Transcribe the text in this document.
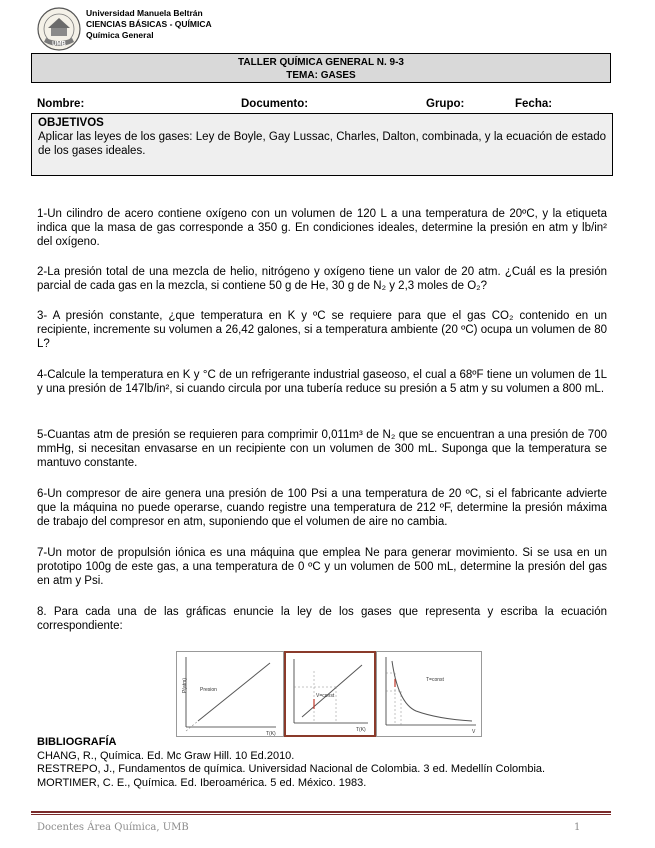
UMB
Universidad Manuela Beltrán
CIENCIAS BÁSICAS - QUÍMICA
Química General
TALLER QUÍMICA GENERAL N. 9-3
TEMA: GASES
Nombre:	Documento:	Grupo:	Fecha:
OBJETIVOS
Aplicar las leyes de los gases: Ley de Boyle, Gay Lussac, Charles, Dalton, combinada, y la ecuación de estado de los gases ideales.
1-Un cilindro de acero contiene oxígeno con un volumen de 120 L a una temperatura de 20ºC, y la etiqueta indica que la masa de gas corresponde a 350 g. En condiciones ideales, determine la presión en atm y lb/in² del oxígeno.
2-La presión total de una mezcla de helio, nitrógeno y oxígeno tiene un valor de 20 atm. ¿Cuál es la presión parcial de cada gas en la mezcla, si contiene 50 g de He, 30 g de N₂ y 2,3 moles de O₂?
3- A presión constante, ¿que temperatura en K y ºC se requiere para que el gas CO₂ contenido en un recipiente, incremente su volumen a 26,42 galones, si a temperatura ambiente (20 ºC) ocupa un volumen de 80 L?
4-Calcule la temperatura en K y °C de un refrigerante industrial gaseoso, el cual a 68ºF tiene un volumen de 1L y una presión de 147lb/in², si cuando circula por una tubería reduce su presión a 5 atm y su volumen a 800 mL.
5-Cuantas atm de presión se requieren para comprimir 0,011m³ de N₂ que se encuentran a una presión de 700 mmHg, si necesitan envasarse en un recipiente con un volumen de 300 mL. Suponga que la temperatura se mantuvo constante.
6-Un compresor de aire genera una presión de 100 Psi a una temperatura de 20 ºC, si el fabricante advierte que la máquina no puede operarse, cuando registre una temperatura de 212 ºF, determine la presión máxima de trabajo del compresor en atm, suponiendo que el volumen de aire no cambia.
7-Un motor de propulsión iónica es una máquina que emplea Ne para generar movimiento. Si se usa en un prototipo 100g de este gas, a una temperatura de 0 ºC y un volumen de 500 mL, determine la presión del gas en atm y Psi.
8. Para cada una de las gráficas enuncie la ley de los gases que representa y escriba la ecuación correspondiente:
P(atm) Presion
T(K)
V=const
T(K)
T=const
V
BIBLIOGRAFÍA
CHANG, R., Química. Ed. Mc Graw Hill. 10 Ed.2010.
RESTREPO, J., Fundamentos de química. Universidad Nacional de Colombia. 3 ed. Medellín Colombia.
MORTIMER, C. E., Química. Ed. Iberoamérica. 5 ed. México. 1983.
Docentes Área Química, UMB	1
